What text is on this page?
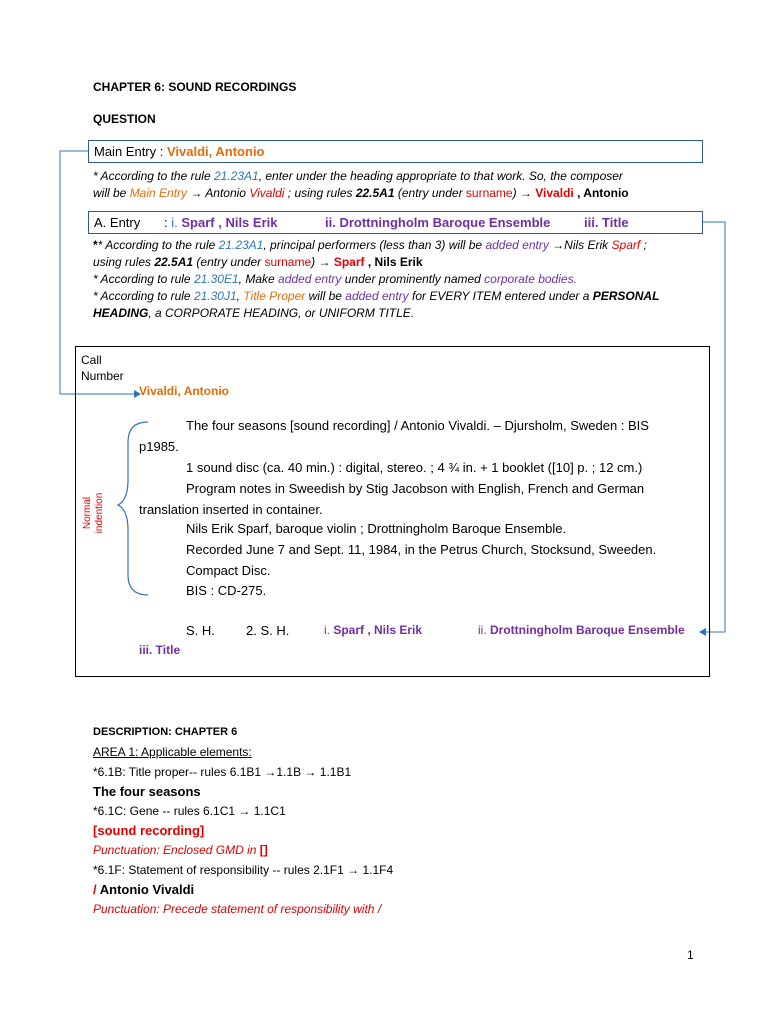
CHAPTER 6: SOUND RECORDINGS
QUESTION
Main Entry : Vivaldi, Antonio
* According to the rule 21.23A1, enter under the heading appropriate to that work. So, the composer
will be Main Entry → Antonio Vivaldi ; using rules 22.5A1 (entry under surname) → Vivaldi , Antonio
A. Entry : i. Sparf , Nils Erik	ii. Drottningholm Baroque Ensemble	iii. Title
** According to the rule 21.23A1, principal performers (less than 3) will be added entry →Nils Erik Sparf ;
using rules 22.5A1 (entry under surname) → Sparf , Nils Erik
* According to rule 21.30E1, Make added entry under prominently named corporate bodies.
* According to rule 21.30J1, Title Proper will be added entry for EVERY ITEM entered under a PERSONAL
HEADING, a CORPORATE HEADING, or UNIFORM TITLE.
Call
Number
Vivaldi, Antonio
Normal
indention
The four seasons [sound recording] / Antonio Vivaldi. – Djursholm, Sweden : BIS
p1985.
1 sound disc (ca. 40 min.) : digital, stereo. ; 4 ¾ in. + 1 booklet ([10] p. ; 12 cm.)
Program notes in Sweedish by Stig Jacobson with English, French and German
translation inserted in container.
Nils Erik Sparf, baroque violin ; Drottningholm Baroque Ensemble.
Recorded June 7 and Sept. 11, 1984, in the Petrus Church, Stocksund, Sweeden.
Compact Disc.
BIS : CD-275.
S. H. 2. S. H.	i. Sparf , Nils Erik	ii. Drottningholm Baroque Ensemble
iii. Title
DESCRIPTION: CHAPTER 6
AREA 1: Applicable elements:
*6.1B: Title proper-- rules 6.1B1 →1.1B → 1.1B1
The four seasons
*6.1C: Gene -- rules 6.1C1 → 1.1C1
[sound recording]
Punctuation: Enclosed GMD in []
*6.1F: Statement of responsibility -- rules 2.1F1 → 1.1F4
/ Antonio Vivaldi
Punctuation: Precede statement of responsibility with /
1
